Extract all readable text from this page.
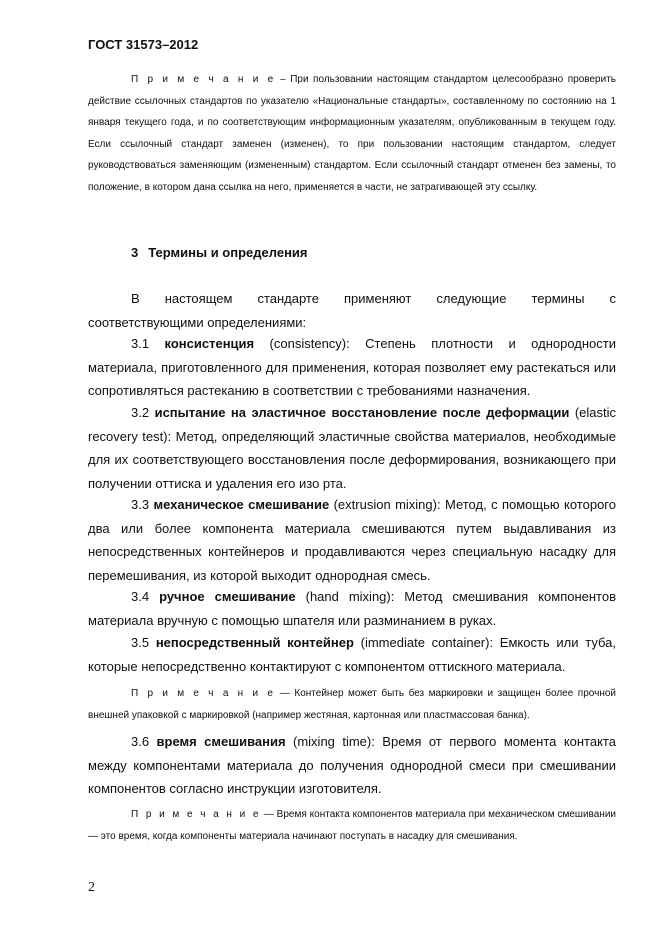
ГОСТ 31573–2012
П р и м е ч а н и е – При пользовании настоящим стандартом целесообразно проверить действие ссылочных стандартов по указателю «Национальные стандарты», составленному по состоянию на 1 января текущего года, и по соответствующим информационным указателям, опубликованным в текущем году. Если ссылочный стандарт заменен (изменен), то при пользовании настоящим стандартом, следует руководствоваться заменяющим (измененным) стандартом. Если ссылочный стандарт отменен без замены, то положение, в котором дана ссылка на него, применяется в части, не затрагивающей эту ссылку.
3 Термины и определения
В настоящем стандарте применяют следующие термины с
соответствующими определениями:
3.1 консистенция (consistency): Степень плотности и однородности материала, приготовленного для применения, которая позволяет ему растекаться или сопротивляться растеканию в соответствии с требованиями назначения.
3.2 испытание на эластичное восстановление после деформации (elastic recovery test): Метод, определяющий эластичные свойства материалов, необходимые для их соответствующего восстановления после деформирования, возникающего при получении оттиска и удаления его изо рта.
3.3 механическое смешивание (extrusion mixing): Метод, с помощью которого два или более компонента материала смешиваются путем выдавливания из непосредственных контейнеров и продавливаются через специальную насадку для перемешивания, из которой выходит однородная смесь.
3.4 ручное смешивание (hand mixing): Метод смешивания компонентов материала вручную с помощью шпателя или разминанием в руках.
3.5 непосредственный контейнер (immediate container): Емкость или туба, которые непосредственно контактируют с компонентом оттискного материала.
П р и м е ч а н и е — Контейнер может быть без маркировки и защищен более прочной внешней упаковкой с маркировкой (например жестяная, картонная или пластмассовая банка).
3.6 время смешивания (mixing time): Время от первого момента контакта между компонентами материала до получения однородной смеси при смешивании компонентов согласно инструкции изготовителя.
П р и м е ч а н и е — Время контакта компонентов материала при механическом смешивании — это время, когда компоненты материала начинают поступать в насадку для смешивания.
2
